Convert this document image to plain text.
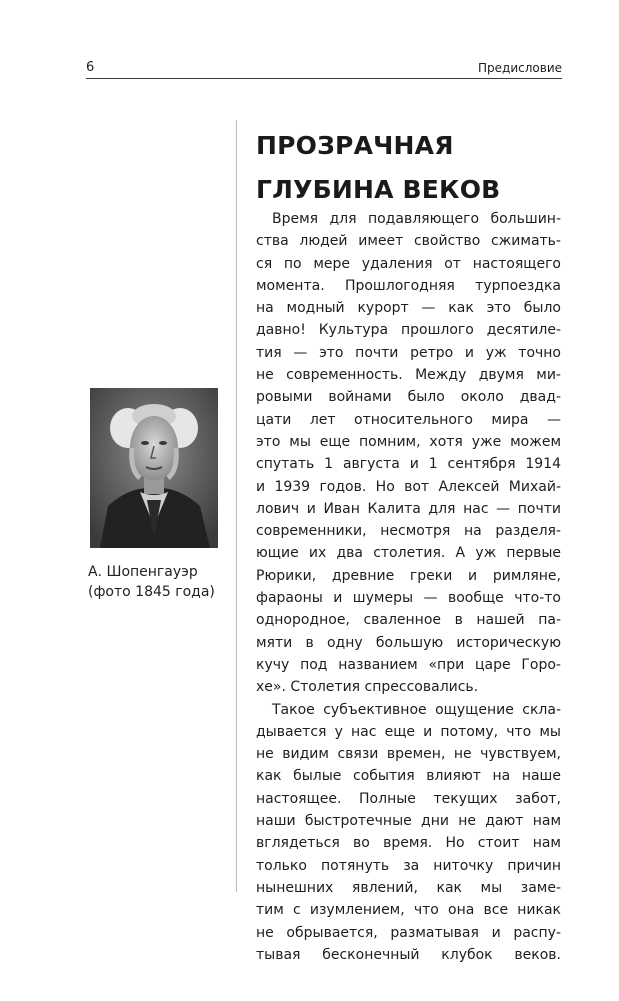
6	Предисловие
А. Шопенгауэр
(фото 1845 года)
ПРОЗРАЧНАЯ
ГЛУБИНА ВЕКОВ
Время для подавляющего большин-
ства людей имеет свойство сжимать-
ся по мере удаления от настоящего
момента. Прошлогодняя турпоездка
на модный курорт — как это было
давно! Культура прошлого десятиле-
тия — это почти ретро и уж точно
не современность. Между двумя ми-
ровыми войнами было около двад-
цати лет относительного мира —
это мы еще помним, хотя уже можем
спутать 1 августа и 1 сентября 1914
и 1939 годов. Но вот Алексей Михай-
лович и Иван Калита для нас — почти
современники, несмотря на разделя-
ющие их два столетия. А уж первые
Рюрики, древние греки и римляне,
фараоны и шумеры — вообще что-то
однородное, сваленное в нашей па-
мяти в одну большую историческую
кучу под названием «при царе Горо-
хе». Столетия спрессовались.
Такое субъективное ощущение скла-
дывается у нас еще и потому, что мы
не видим связи времен, не чувствуем,
как былые события влияют на наше
настоящее. Полные текущих забот,
наши быстротечные дни не дают нам
вглядеться во время. Но стоит нам
только потянуть за ниточку причин
нынешних явлений, как мы заме-
тим с изумлением, что она все никак
не обрывается, разматывая и распу-
тывая бесконечный клубок веков.
